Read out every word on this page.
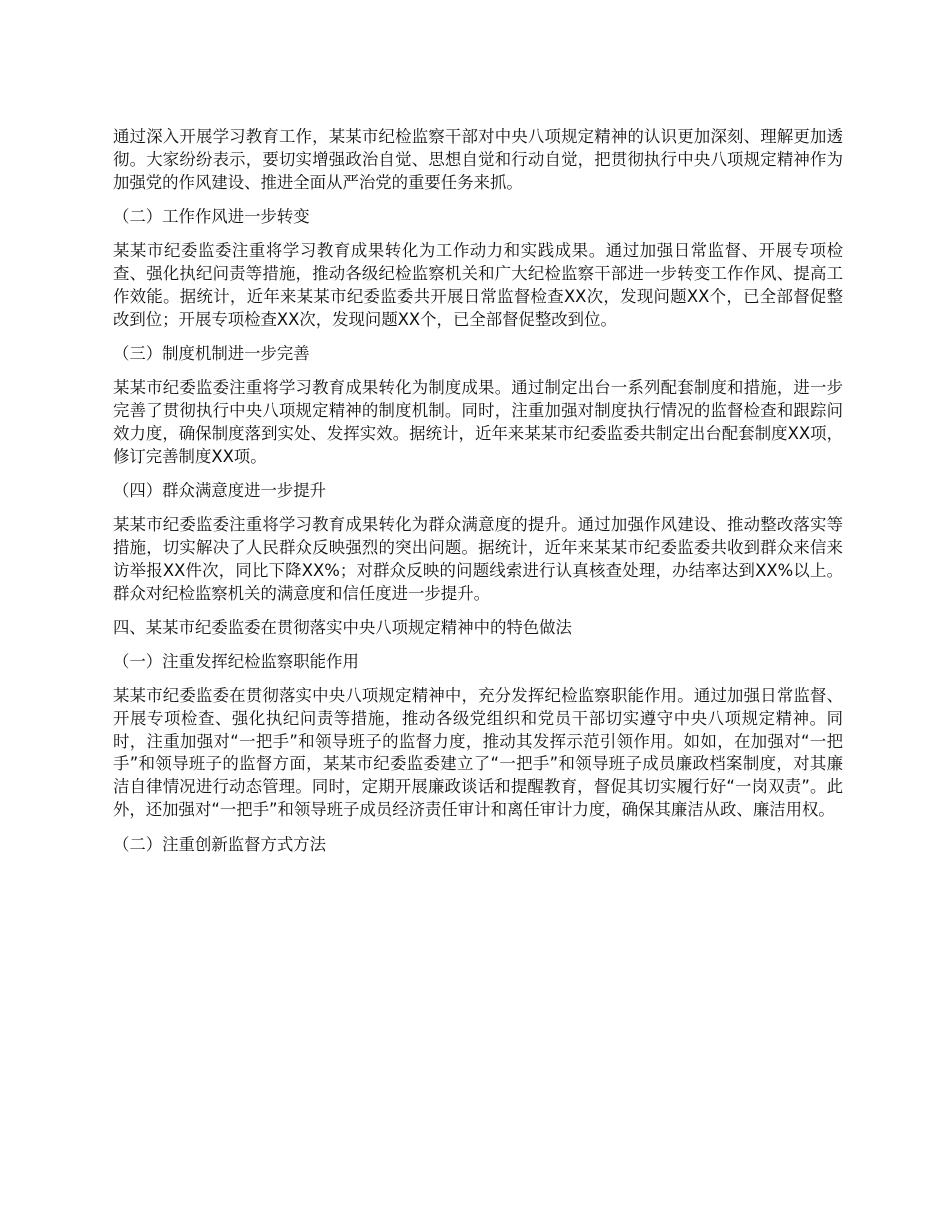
通过深入开展学习教育工作，某某市纪检监察干部对中央八项规定精神的认识更加深刻、理解更加透彻。大家纷纷表示，要切实增强政治自觉、思想自觉和行动自觉，把贯彻执行中央八项规定精神作为加强党的作风建设、推进全面从严治党的重要任务来抓。

（二）工作作风进一步转变

某某市纪委监委注重将学习教育成果转化为工作动力和实践成果。通过加强日常监督、开展专项检查、强化执纪问责等措施，推动各级纪检监察机关和广大纪检监察干部进一步转变工作作风、提高工作效能。据统计，近年来某某市纪委监委共开展日常监督检查XX次，发现问题XX个，已全部督促整改到位；开展专项检查XX次，发现问题XX个，已全部督促整改到位。

（三）制度机制进一步完善

某某市纪委监委注重将学习教育成果转化为制度成果。通过制定出台一系列配套制度和措施，进一步完善了贯彻执行中央八项规定精神的制度机制。同时，注重加强对制度执行情况的监督检查和跟踪问效力度，确保制度落到实处、发挥实效。据统计，近年来某某市纪委监委共制定出台配套制度XX项，修订完善制度XX项。

（四）群众满意度进一步提升

某某市纪委监委注重将学习教育成果转化为群众满意度的提升。通过加强作风建设、推动整改落实等措施，切实解决了人民群众反映强烈的突出问题。据统计，近年来某某市纪委监委共收到群众来信来访举报XX件次，同比下降XX%；对群众反映的问题线索进行认真核查处理，办结率达到XX%以上。群众对纪检监察机关的满意度和信任度进一步提升。

四、某某市纪委监委在贯彻落实中央八项规定精神中的特色做法

（一）注重发挥纪检监察职能作用

某某市纪委监委在贯彻落实中央八项规定精神中，充分发挥纪检监察职能作用。通过加强日常监督、开展专项检查、强化执纪问责等措施，推动各级党组织和党员干部切实遵守中央八项规定精神。同时，注重加强对“一把手”和领导班子的监督力度，推动其发挥示范引领作用。如如，在加强对“一把手”和领导班子的监督方面，某某市纪委监委建立了“一把手”和领导班子成员廉政档案制度，对其廉洁自律情况进行动态管理。同时，定期开展廉政谈话和提醒教育，督促其切实履行好“一岗双责”。此外，还加强对“一把手”和领导班子成员经济责任审计和离任审计力度，确保其廉洁从政、廉洁用权。

（二）注重创新监督方式方法
